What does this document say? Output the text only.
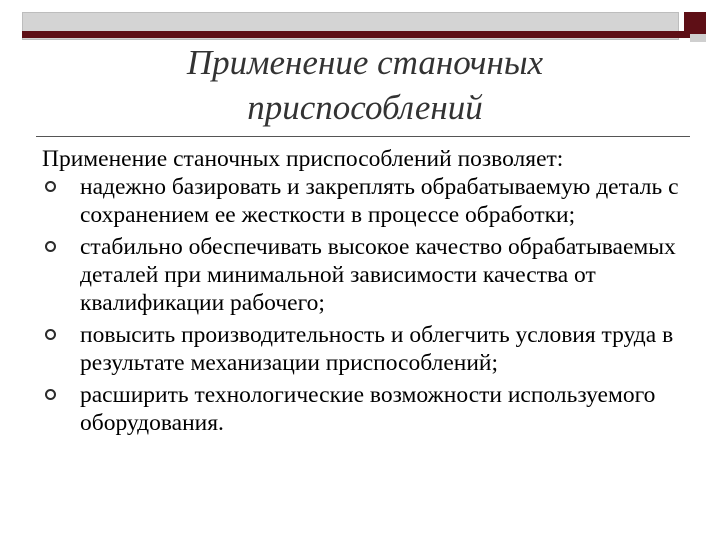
Применение станочных
приспособлений

Применение станочных приспособлений позволяет:

надежно базировать и закреплять обрабатываемую деталь с сохранением ее жесткости в процессе обработки;
стабильно обеспечивать высокое качество обрабатываемых деталей при минимальной зависимости качества от квалификации рабочего;
повысить производительность и облегчить условия труда в результате механизации приспособлений;
расширить технологические возможности используемого оборудования.
